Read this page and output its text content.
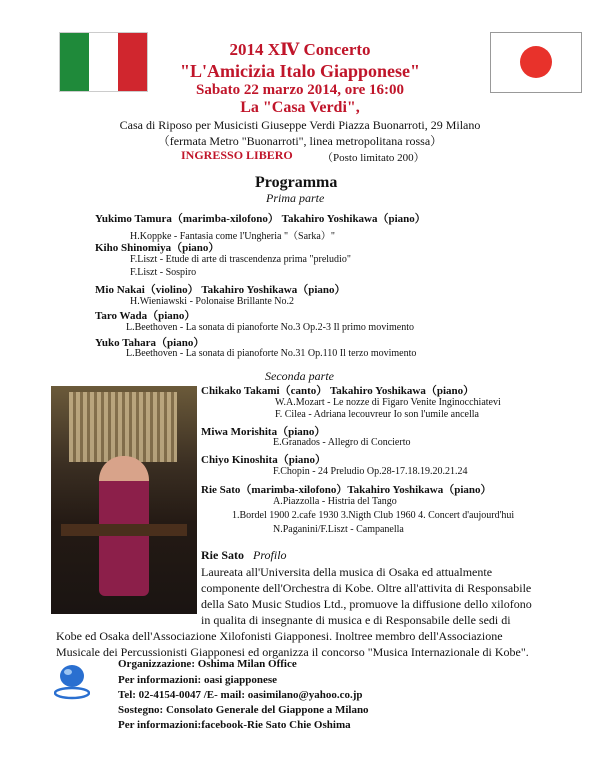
2014 XⅣ Concerto
"L'Amicizia Italo Giapponese"
Sabato 22 marzo 2014, ore 16:00
La "Casa Verdi",
Casa di Riposo per Musicisti Giuseppe Verdi Piazza Buonarroti, 29 Milano
（fermata Metro "Buonarroti", linea metropolitana rossa）
INGRESSO LIBERO	（Posto limitato 200）
Programma
Prima parte
Yukimo Tamura（marimba-xilofono） Takahiro Yoshikawa（piano）
H.Koppke - Fantasia come l'Ungheria "（Sarka）"
Kiho Shinomiya（piano）
F.Liszt - Etude di arte di trascendenza prima "preludio"
F.Liszt - Sospiro
Mio Nakai（violino） Takahiro Yoshikawa（piano）
H.Wieniawski - Polonaise Brillante No.2
Taro Wada（piano）
L.Beethoven - La sonata di pianoforte No.3 Op.2-3 Il primo movimento
Yuko Tahara（piano）
L.Beethoven - La sonata di pianoforte No.31 Op.110 Il terzo movimento
Seconda parte
Chikako Takami（canto） Takahiro Yoshikawa（piano）
W.A.Mozart - Le nozze di Figaro Venite Inginocchiatevi
F. Cilea - Adriana lecouvreur Io son l'umile ancella
Miwa Morishita（piano）
E.Granados - Allegro di Concierto
Chiyo Kinoshita（piano）
F.Chopin - 24 Preludio Op.28-17.18.19.20.21.24
Rie Sato（marimba-xilofono）Takahiro Yoshikawa（piano）
A.Piazzolla - Histria del Tango
1.Bordel 1900 2.cafe 1930 3.Nigth Club 1960 4. Concert d'aujourd'hui
N.Paganini/F.Liszt - Campanella
Rie Sato Profilo
Laureata all'Universita della musica di Osaka ed attualmente
componente dell'Orchestra di Kobe. Oltre all'attivita di Responsabile
della Sato Music Studios Ltd., promuove la diffusione dello xilofono
in qualita di insegnante di musica e di Responsabile delle sedi di
Kobe ed Osaka dell'Associazione Xilofonisti Giapponesi. Inoltree membro dell'Associazione
Musicale dei Percussionisti Giapponesi ed organizza il concorso "Musica Internazionale di Kobe".
Organizzazione: Oshima Milan Office
Per informazioni: oasi giapponese
Tel: 02-4154-0047 /E- mail: oasimilano@yahoo.co.jp
Sostegno: Consolato Generale del Giappone a Milano
Per informazioni:facebook-Rie Sato Chie Oshima
